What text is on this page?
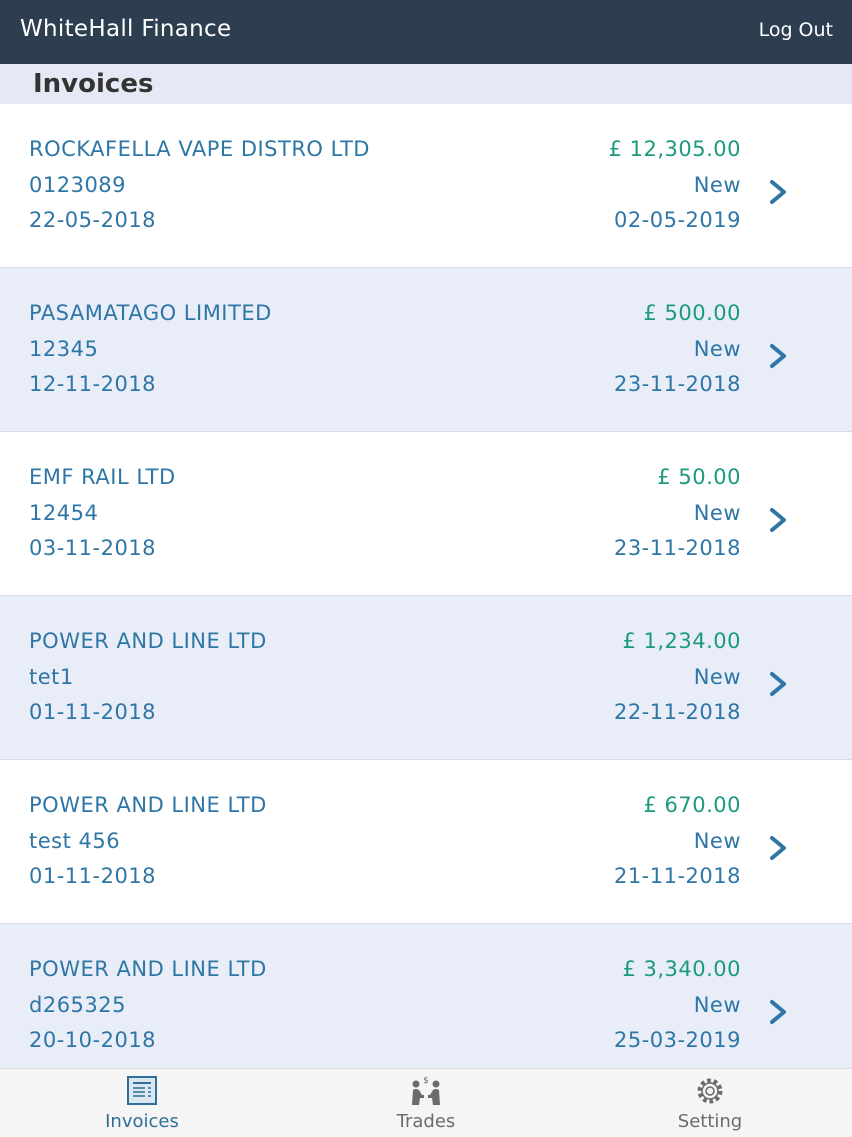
WhiteHall Finance	Log Out
Invoices
ROCKAFELLA VAPE DISTRO LTD
0123089
22-05-2018
£ 12,305.00
New
02-05-2019
PASAMATAGO LIMITED
12345
12-11-2018
£ 500.00
New
23-11-2018
EMF RAIL LTD
12454
03-11-2018
£ 50.00
New
23-11-2018
POWER AND LINE LTD
tet1
01-11-2018
£ 1,234.00
New
22-11-2018
POWER AND LINE LTD
test 456
01-11-2018
£ 670.00
New
21-11-2018
POWER AND LINE LTD
d265325
20-10-2018
£ 3,340.00
New
25-03-2019
Invoices
$
Trades	Setting
